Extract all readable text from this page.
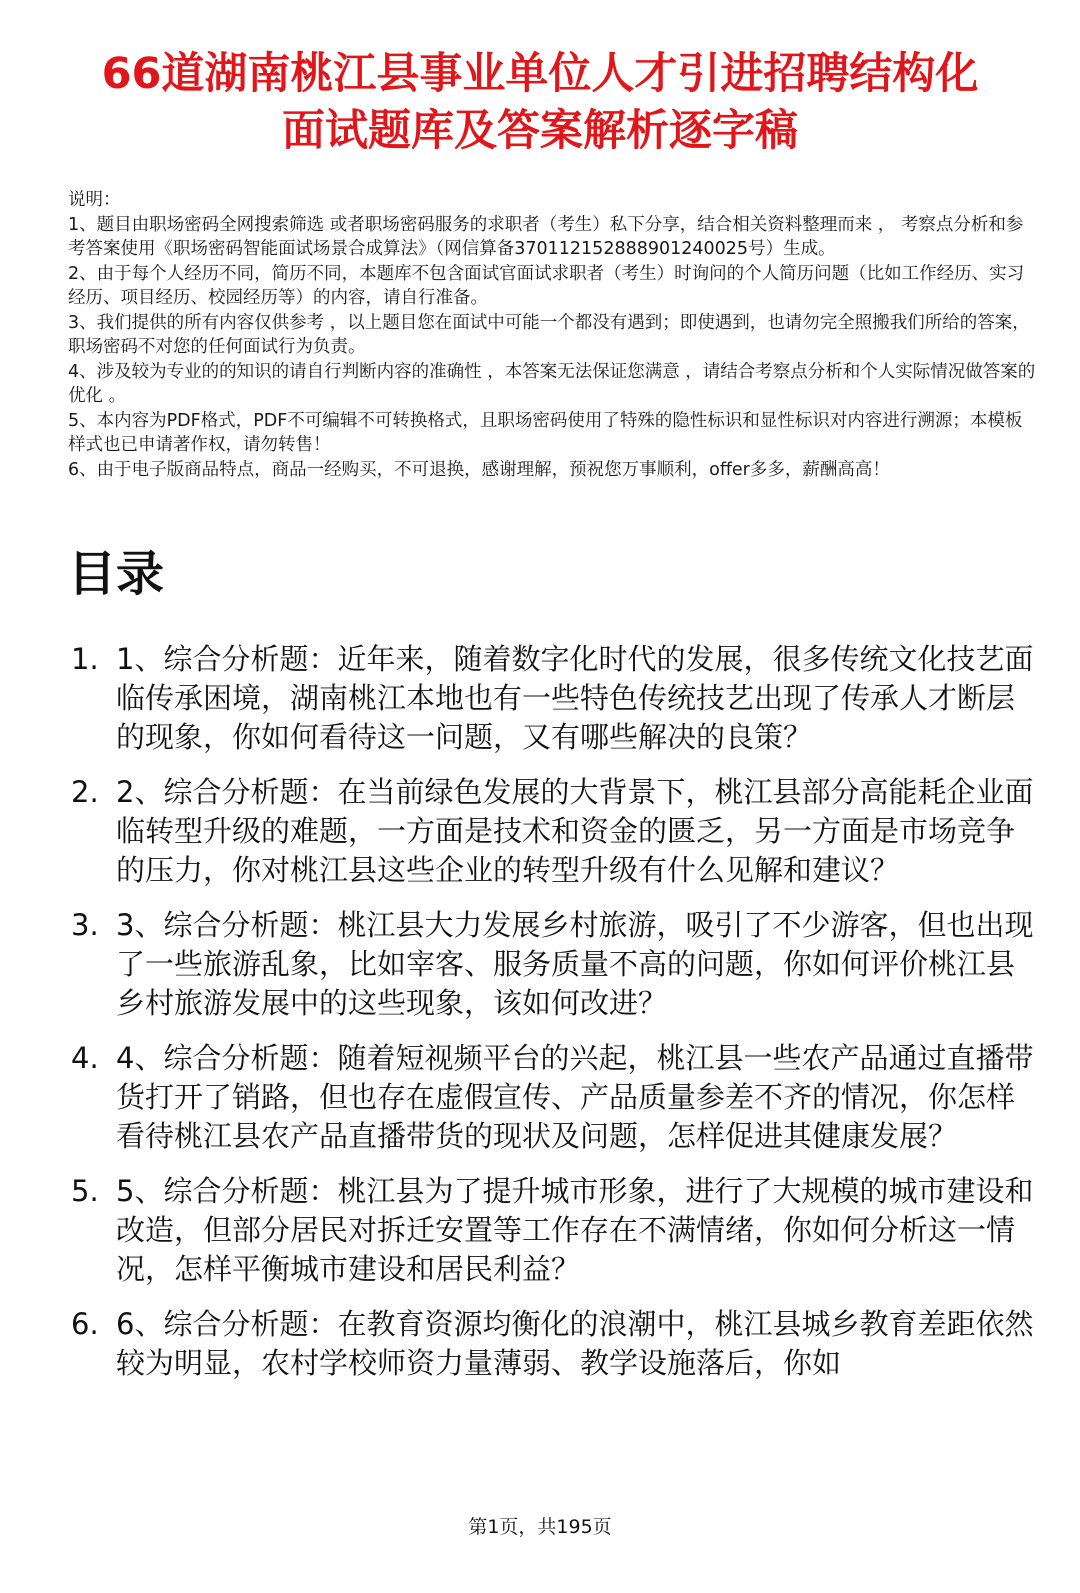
66道湖南桃江县事业单位人才引进招聘结构化
面试题库及答案解析逐字稿

说明：

1、题目由职场密码全网搜索筛选 或者职场密码服务的求职者（考生）私下分享，结合相关资料整理而来 ， 考察点分析和参考答案使用《职场密码智能面试场景合成算法》（网信算备370112152888901240025号）生成。

2、由于每个人经历不同，简历不同，本题库不包含面试官面试求职者（考生）时询问的个人简历问题（比如工作经历、实习经历、项目经历、校园经历等）的内容，请自行准备。

3、我们提供的所有内容仅供参考 ，以上题目您在面试中可能一个都没有遇到；即使遇到，也请勿完全照搬我们所给的答案，职场密码不对您的任何面试行为负责。

4、涉及较为专业的的知识的请自行判断内容的准确性 ，本答案无法保证您满意 ，请结合考察点分析和个人实际情况做答案的优化 。

5、本内容为PDF格式，PDF不可编辑不可转换格式，且职场密码使用了特殊的隐性标识和显性标识对内容进行溯源；本模板样式也已申请著作权，请勿转售！

6、由于电子版商品特点，商品一经购买，不可退换，感谢理解，预祝您万事顺利，offer多多，薪酬高高！

目录
1. 1、综合分析题：近年来，随着数字化时代的发展，很多传统文化技艺面临传承困境，湖南桃江本地也有一些特色传统技艺出现了传承人才断层的现象，你如何看待这一问题，又有哪些解决的良策？
2. 2、综合分析题：在当前绿色发展的大背景下，桃江县部分高能耗企业面临转型升级的难题，一方面是技术和资金的匮乏，另一方面是市场竞争的压力，你对桃江县这些企业的转型升级有什么见解和建议？
3. 3、综合分析题：桃江县大力发展乡村旅游，吸引了不少游客，但也出现了一些旅游乱象，比如宰客、服务质量不高的问题，你如何评价桃江县乡村旅游发展中的这些现象，该如何改进？
4. 4、综合分析题：随着短视频平台的兴起，桃江县一些农产品通过直播带货打开了销路，但也存在虚假宣传、产品质量参差不齐的情况，你怎样看待桃江县农产品直播带货的现状及问题，怎样促进其健康发展？
5. 5、综合分析题：桃江县为了提升城市形象，进行了大规模的城市建设和改造，但部分居民对拆迁安置等工作存在不满情绪，你如何分析这一情况，怎样平衡城市建设和居民利益？
6. 6、综合分析题：在教育资源均衡化的浪潮中，桃江县城乡教育差距依然较为明显，农村学校师资力量薄弱、教学设施落后，你如
第1页，共195页
